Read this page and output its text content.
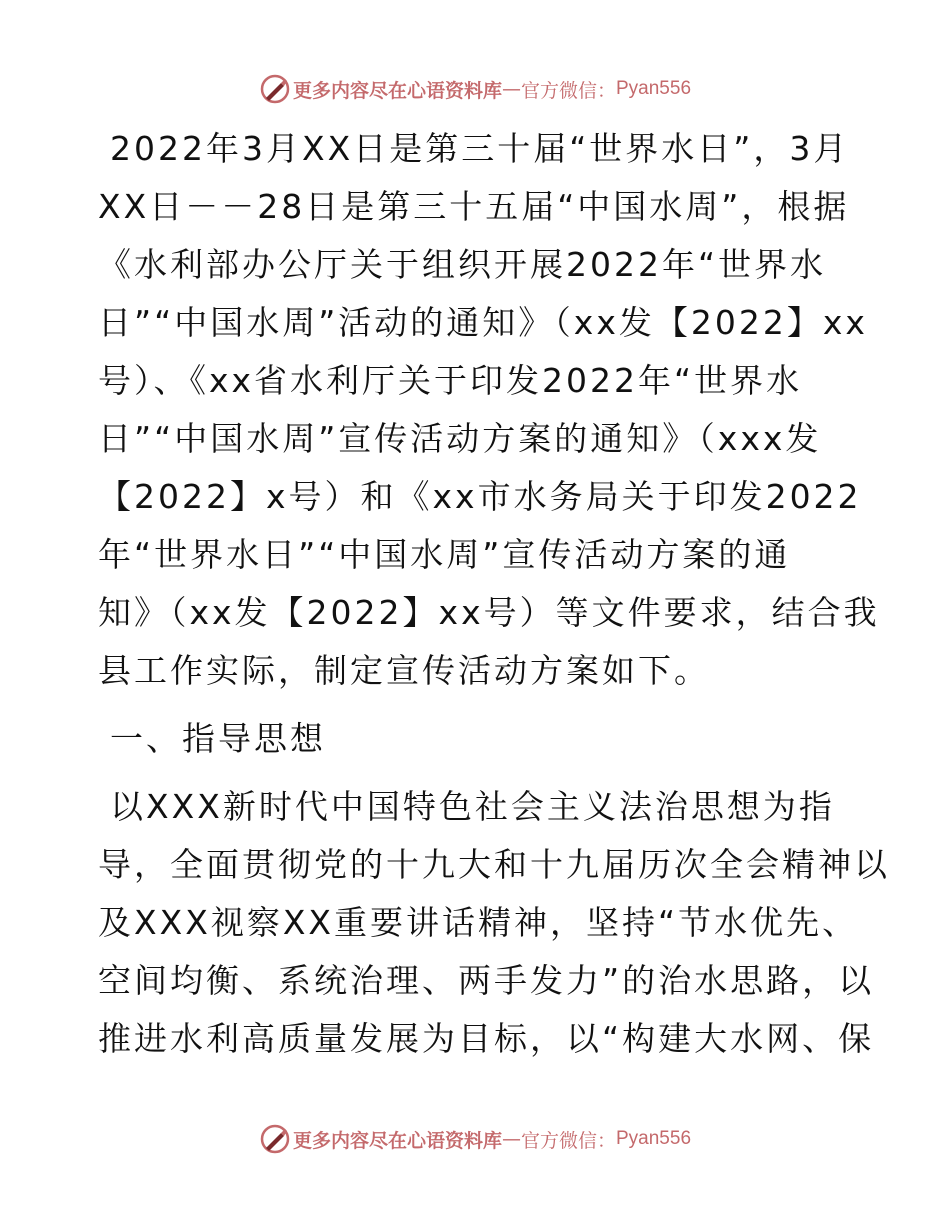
更多内容尽在心语资料库 — 官方微信： Pyan556
2022年3月XX日是第三十届“世界水日”，3月
XX日－－28日是第三十五届“中国水周”，根据
《水利部办公厅关于组织开展2022年“世界水
日”“中国水周”活动的通知》（xx发【2022】xx
号）、《xx省水利厅关于印发2022年“世界水
日”“中国水周”宣传活动方案的通知》（xxx发
【2022】x号）和《xx市水务局关于印发2022
年“世界水日”“中国水周”宣传活动方案的通
知》（xx发【2022】xx号）等文件要求，结合我
县工作实际，制定宣传活动方案如下。
一、指导思想
以XXX新时代中国特色社会主义法治思想为指
导，全面贯彻党的十九大和十九届历次全会精神以
及XXX视察XX重要讲话精神，坚持“节水优先、
空间均衡、系统治理、两手发力”的治水思路，以
推进水利高质量发展为目标，以“构建大水网、保
更多内容尽在心语资料库 — 官方微信： Pyan556
